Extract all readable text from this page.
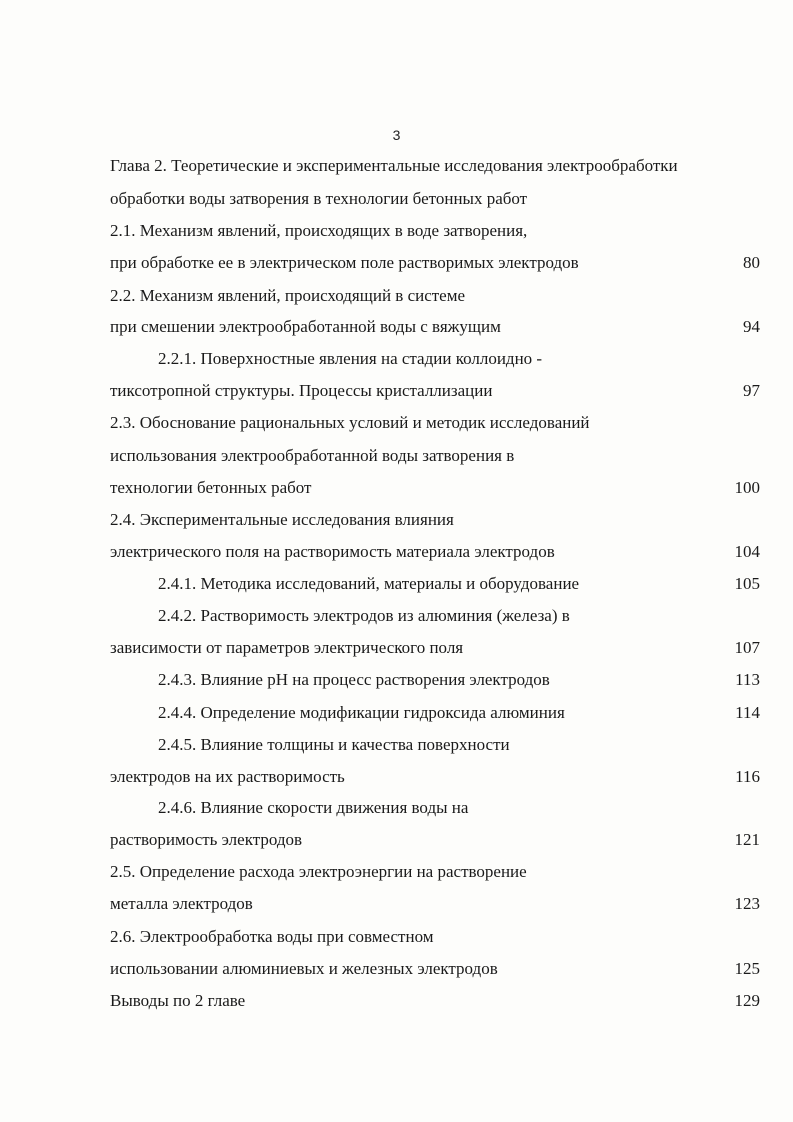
3
Глава 2. Теоретические и экспериментальные исследования электрообработки
обработки воды затворения в технологии бетонных работ
2.1. Механизм явлений, происходящих в воде затворения,
при обработке ее в электрическом поле растворимых электродов	80
2.2. Механизм явлений, происходящий в системе
при смешении электрообработанной воды с вяжущим	94
2.2.1. Поверхностные явления на стадии коллоидно -
тиксотропной структуры. Процессы кристаллизации	97
2.3. Обоснование рациональных условий и методик исследований
использования электрообработанной воды затворения в
технологии бетонных работ	100
2.4. Экспериментальные исследования влияния
электрического поля на растворимость материала электродов	104
2.4.1. Методика исследований, материалы и оборудование	105
2.4.2. Растворимость электродов из алюминия (железа) в
зависимости от параметров электрического поля	107
2.4.3. Влияние pH на процесс растворения электродов	113
2.4.4. Определение модификации гидроксида алюминия	114
2.4.5. Влияние толщины и качества поверхности
электродов на их растворимость	116
2.4.6. Влияние скорости движения воды на
растворимость электродов	121
2.5. Определение расхода электроэнергии на растворение
металла электродов	123
2.6. Электрообработка воды при совместном
использовании алюминиевых и железных электродов	125
Выводы по 2 главе	129
